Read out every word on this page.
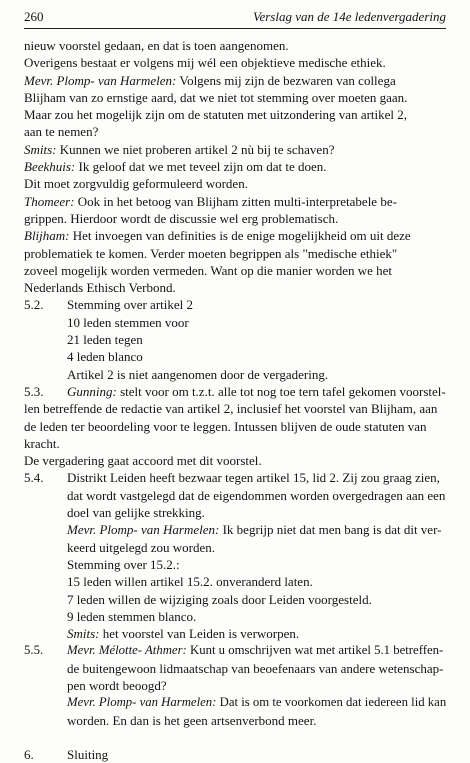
260	Verslag van de 14e ledenvergadering
nieuw voorstel gedaan, en dat is toen aangenomen.
Overigens bestaat er volgens mij wél een objektieve medische ethiek.
Mevr. Plomp- van Harmelen: Volgens mij zijn de bezwaren van collega
Blijham van zo ernstige aard, dat we niet tot stemming over moeten gaan.
Maar zou het mogelijk zijn om de statuten met uitzondering van artikel 2,
aan te nemen?
Smits: Kunnen we niet proberen artikel 2 nù bij te schaven?
Beekhuis: Ik geloof dat we met teveel zijn om dat te doen.
Dit moet zorgvuldig geformuleerd worden.
Thomeer: Ook in het betoog van Blijham zitten multi-interpretabele be-
grippen. Hierdoor wordt de discussie wel erg problematisch.
Blijham: Het invoegen van definities is de enige mogelijkheid om uit deze
problematiek te komen. Verder moeten begrippen als "medische ethiek"
zoveel mogelijk worden vermeden. Want op die manier worden we het
Nederlands Ethisch Verbond.
5.2. Stemming over artikel 2
10 leden stemmen voor
21 leden tegen
4 leden blanco
Artikel 2 is niet aangenomen door de vergadering.
5.3. Gunning: stelt voor om t.z.t. alle tot nog toe tern tafel gekomen voorstel-
len betreffende de redactie van artikel 2, inclusief het voorstel van Blijham, aan
de leden ter beoordeling voor te leggen. Intussen blijven de oude statuten van
kracht.
De vergadering gaat accoord met dit voorstel.
5.4. Distrikt Leiden heeft bezwaar tegen artikel 15, lid 2. Zij zou graag zien,
dat wordt vastgelegd dat de eigendommen worden overgedragen aan een
doel van gelijke strekking.
Mevr. Plomp- van Harmelen: Ik begrijp niet dat men bang is dat dit ver-
keerd uitgelegd zou worden.
Stemming over 15.2.:
15 leden willen artikel 15.2. onveranderd laten.
7 leden willen de wijziging zoals door Leiden voorgesteld.
9 leden stemmen blanco.
Smits: het voorstel van Leiden is verworpen.
5.5. Mevr. Mélotte- Athmer: Kunt u omschrijven wat met artikel 5.1 betreffen-
de buitengewoon lidmaatschap van beoefenaars van andere wetenschap-
pen wordt beoogd?
Mevr. Plomp- van Harmelen: Dat is om te voorkomen dat iedereen lid kan
worden. En dan is het geen artsenverbond meer.
6.	Sluiting
